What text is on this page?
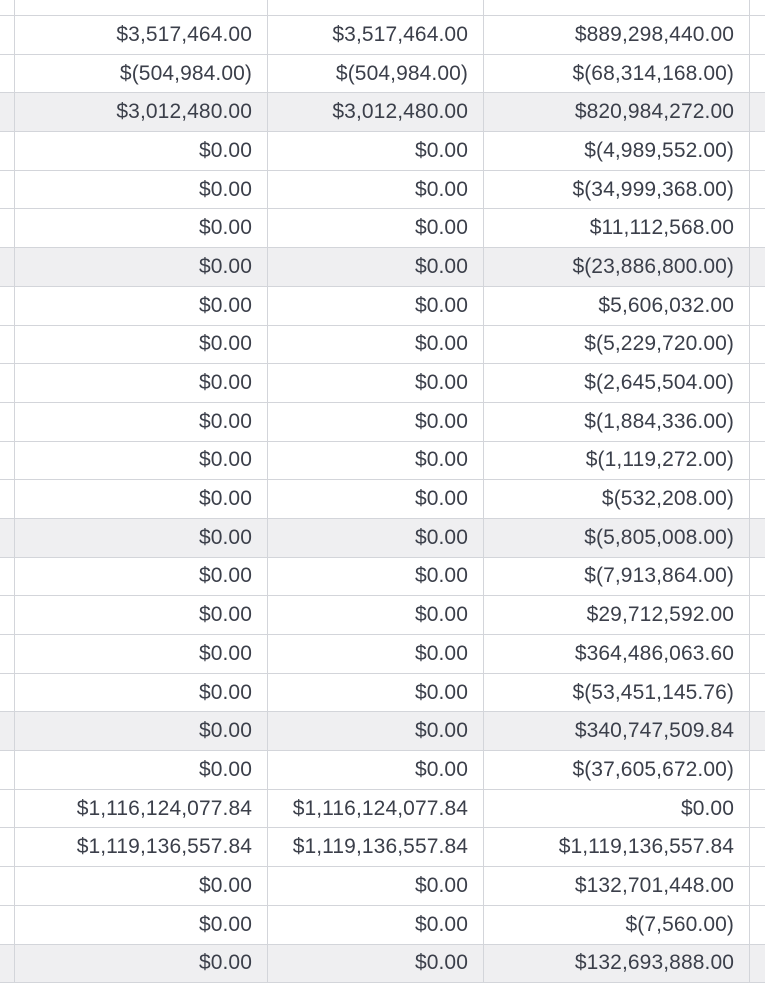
$3,517,464.00	$3,517,464.00	$889,298,440.00
$(504,984.00)	$(504,984.00)	$(68,314,168.00)
$3,012,480.00	$3,012,480.00	$820,984,272.00
$0.00	$0.00	$(4,989,552.00)
$0.00	$0.00	$(34,999,368.00)
$0.00	$0.00	$11,112,568.00
$0.00	$0.00	$(23,886,800.00)
$0.00	$0.00	$5,606,032.00
$0.00	$0.00	$(5,229,720.00)
$0.00	$0.00	$(2,645,504.00)
$0.00	$0.00	$(1,884,336.00)
$0.00	$0.00	$(1,119,272.00)
$0.00	$0.00	$(532,208.00)
$0.00	$0.00	$(5,805,008.00)
$0.00	$0.00	$(7,913,864.00)
$0.00	$0.00	$29,712,592.00
$0.00	$0.00	$364,486,063.60
$0.00	$0.00	$(53,451,145.76)
$0.00	$0.00	$340,747,509.84
$0.00	$0.00	$(37,605,672.00)
$1,116,124,077.84	$1,116,124,077.84	$0.00
$1,119,136,557.84	$1,119,136,557.84	$1,119,136,557.84
$0.00	$0.00	$132,701,448.00
$0.00	$0.00	$(7,560.00)
$0.00	$0.00	$132,693,888.00
